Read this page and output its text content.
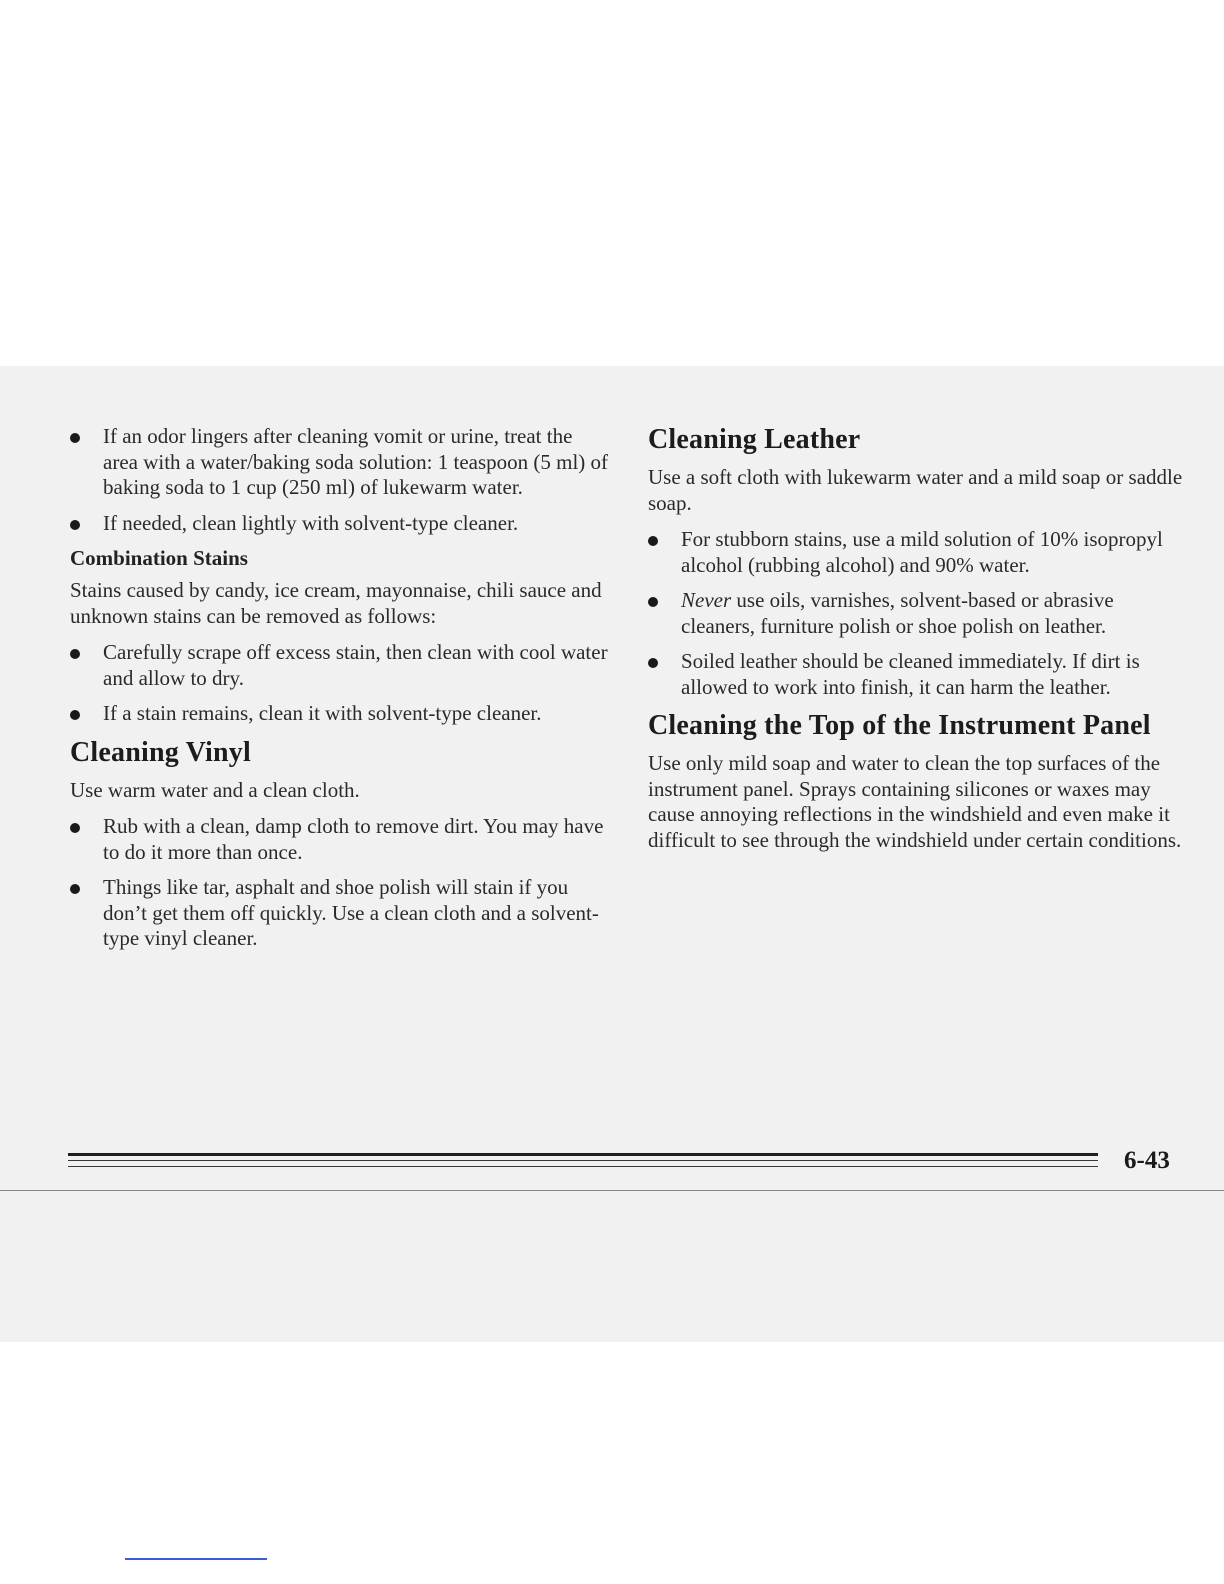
If an odor lingers after cleaning vomit or urine, treat the area with a water/baking soda solution: 1 teaspoon (5 ml) of baking soda to 1 cup (250 ml) of lukewarm water.
If needed, clean lightly with solvent-type cleaner.
Combination Stains

Stains caused by candy, ice cream, mayonnaise, chili sauce and unknown stains can be removed as follows:

Carefully scrape off excess stain, then clean with cool water and allow to dry.
If a stain remains, clean it with solvent-type cleaner.
Cleaning Vinyl

Use warm water and a clean cloth.

Rub with a clean, damp cloth to remove dirt. You may have to do it more than once.
Things like tar, asphalt and shoe polish will stain if you don’t get them off quickly. Use a clean cloth and a solvent-type vinyl cleaner.
Cleaning Leather

Use a soft cloth with lukewarm water and a mild soap or saddle soap.

For stubborn stains, use a mild solution of 10% isopropyl alcohol (rubbing alcohol) and 90% water.
Never use oils, varnishes, solvent-based or abrasive cleaners, furniture polish or shoe polish on leather.
Soiled leather should be cleaned immediately. If dirt is allowed to work into finish, it can harm the leather.
Cleaning the Top of the Instrument Panel

Use only mild soap and water to clean the top surfaces of the instrument panel. Sprays containing silicones or waxes may cause annoying reflections in the windshield and even make it difficult to see through the windshield under certain conditions.

6-43
